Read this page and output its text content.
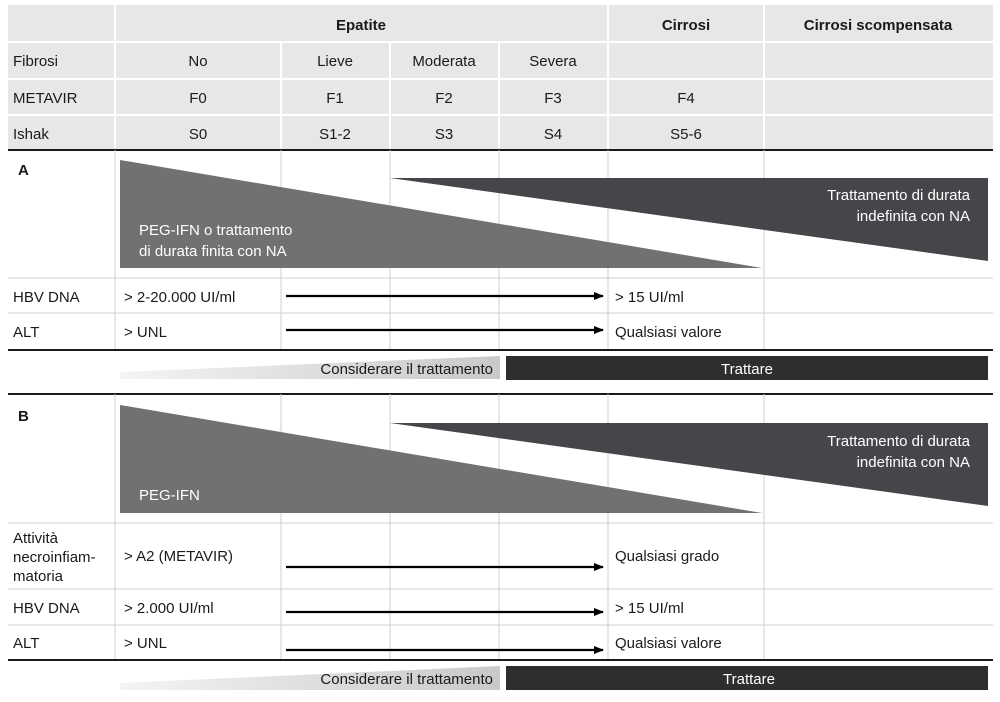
Epatite	Cirrosi	Cirrosi scompensata
Fibrosi	No	Lieve	Moderata	Severa
METAVIR	F0	F1	F2	F3	F4
Ishak	S0	S1-2	S3	S4	S5-6
A
PEG-IFN o trattamento
di durata finita con NA
Trattamento di durata
indefinita con NA
HBV DNA	> 2-20.000 UI/ml	> 15 UI/ml
ALT	> UNL	Qualsiasi valore
Considerare il trattamento	Trattare
B
PEG-IFN
Trattamento di durata
indefinita con NA
Attività
necroinfiam-
matoria
> A2 (METAVIR)	Qualsiasi grado
HBV DNA	> 2.000 UI/ml	> 15 UI/ml
ALT	> UNL	Qualsiasi valore
Considerare il trattamento	Trattare
